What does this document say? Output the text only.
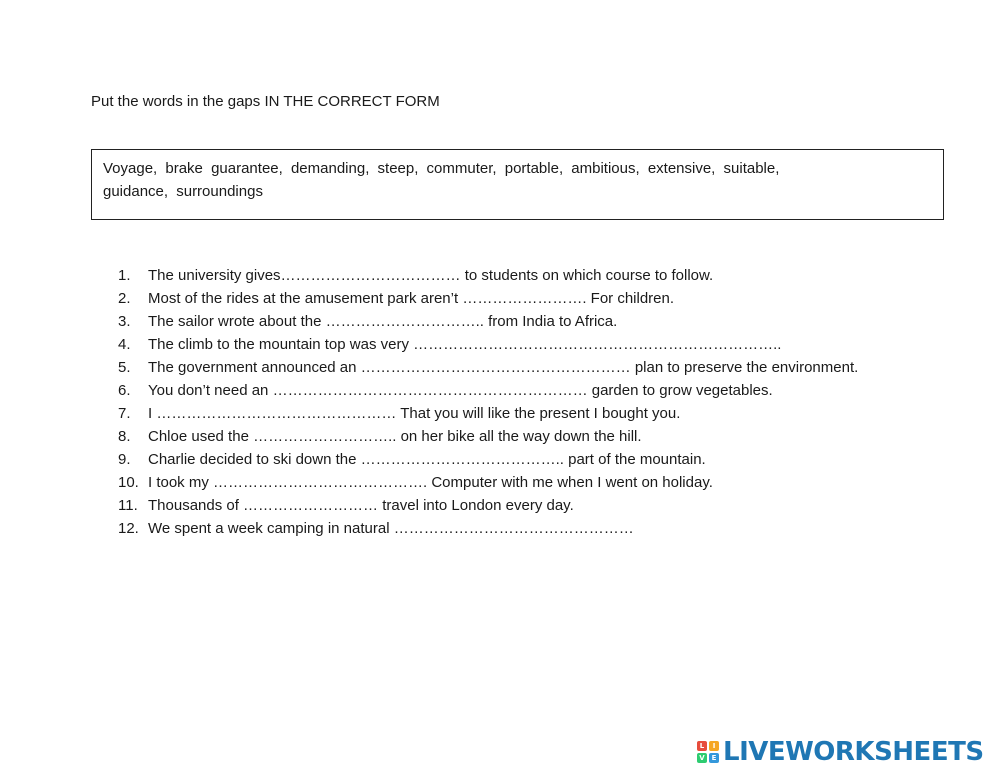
Put the words in the gaps IN THE CORRECT FORM
Voyage, brake guarantee, demanding, steep, commuter, portable, ambitious, extensive, suitable,
guidance, surroundings
1.	The university gives……………………………… to students on which course to follow.
2.	Most of the rides at the amusement park aren’t ……………………. For children.
3.	The sailor wrote about the ………………………….. from India to Africa.
4.	The climb to the mountain top was very ………………………………………………………………..
5.	The government announced an ……………………………………………… plan to preserve the environment.
6.	You don’t need an ……………………………………………………… garden to grow vegetables.
7.	I ………………………………………… That you will like the present I bought you.
8.	Chloe used the ……………………….. on her bike all the way down the hill.
9.	Charlie decided to ski down the ………………………………….. part of the mountain.
10. I took my ……………………………………. Computer with me when I went on holiday.
11. Thousands of ……………………… travel into London every day.
12. We spent a week camping in natural …………………………………………
L	I
V E LIVEWORKSHEETS
